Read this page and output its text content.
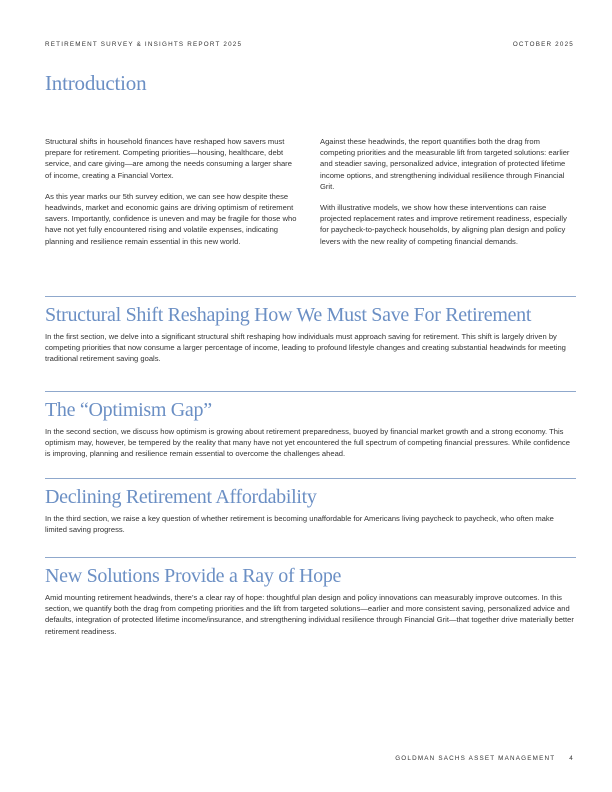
RETIREMENT SURVEY & INSIGHTS REPORT 2025	OCTOBER 2025
Introduction

Structural shifts in household finances have reshaped how savers must prepare for retirement. Competing priorities—housing, healthcare, debt service, and care giving—are among the needs consuming a larger share of income, creating a Financial Vortex.

As this year marks our 5th survey edition, we can see how despite these headwinds, market and economic gains are driving optimism of retirement savers. Importantly, confidence is uneven and may be fragile for those who have not yet fully encountered rising and volatile expenses, indicating planning and resilience remain essential in this new world.

Against these headwinds, the report quantifies both the drag from competing priorities and the measurable lift from targeted solutions: earlier and steadier saving, personalized advice, integration of protected lifetime income options, and strengthening individual resilience through Financial Grit.

With illustrative models, we show how these interventions can raise projected replacement rates and improve retirement readiness, especially for paycheck-to-paycheck households, by aligning plan design and policy levers with the new reality of competing financial demands.

Structural Shift Reshaping How We Must Save For Retirement

In the first section, we delve into a significant structural shift reshaping how individuals must approach saving for retirement. This shift is largely driven by competing priorities that now consume a larger percentage of income, leading to profound lifestyle changes and creating substantial headwinds for meeting traditional retirement saving goals.

The “Optimism Gap”

In the second section, we discuss how optimism is growing about retirement preparedness, buoyed by financial market growth and a strong economy. This optimism may, however, be tempered by the reality that many have not yet encountered the full spectrum of competing financial pressures. While confidence is improving, planning and resilience remain essential to overcome the challenges ahead.

Declining Retirement Affordability

In the third section, we raise a key question of whether retirement is becoming unaffordable for Americans living paycheck to paycheck, who often make limited saving progress.

New Solutions Provide a Ray of Hope

Amid mounting retirement headwinds, there’s a clear ray of hope: thoughtful plan design and policy innovations can measurably improve outcomes. In this section, we quantify both the drag from competing priorities and the lift from targeted solutions—earlier and more consistent saving, personalized advice and defaults, integration of protected lifetime income/insurance, and strengthening individual resilience through Financial Grit—that together drive materially better retirement readiness.

GOLDMAN SACHS ASSET MANAGEMENT 4
